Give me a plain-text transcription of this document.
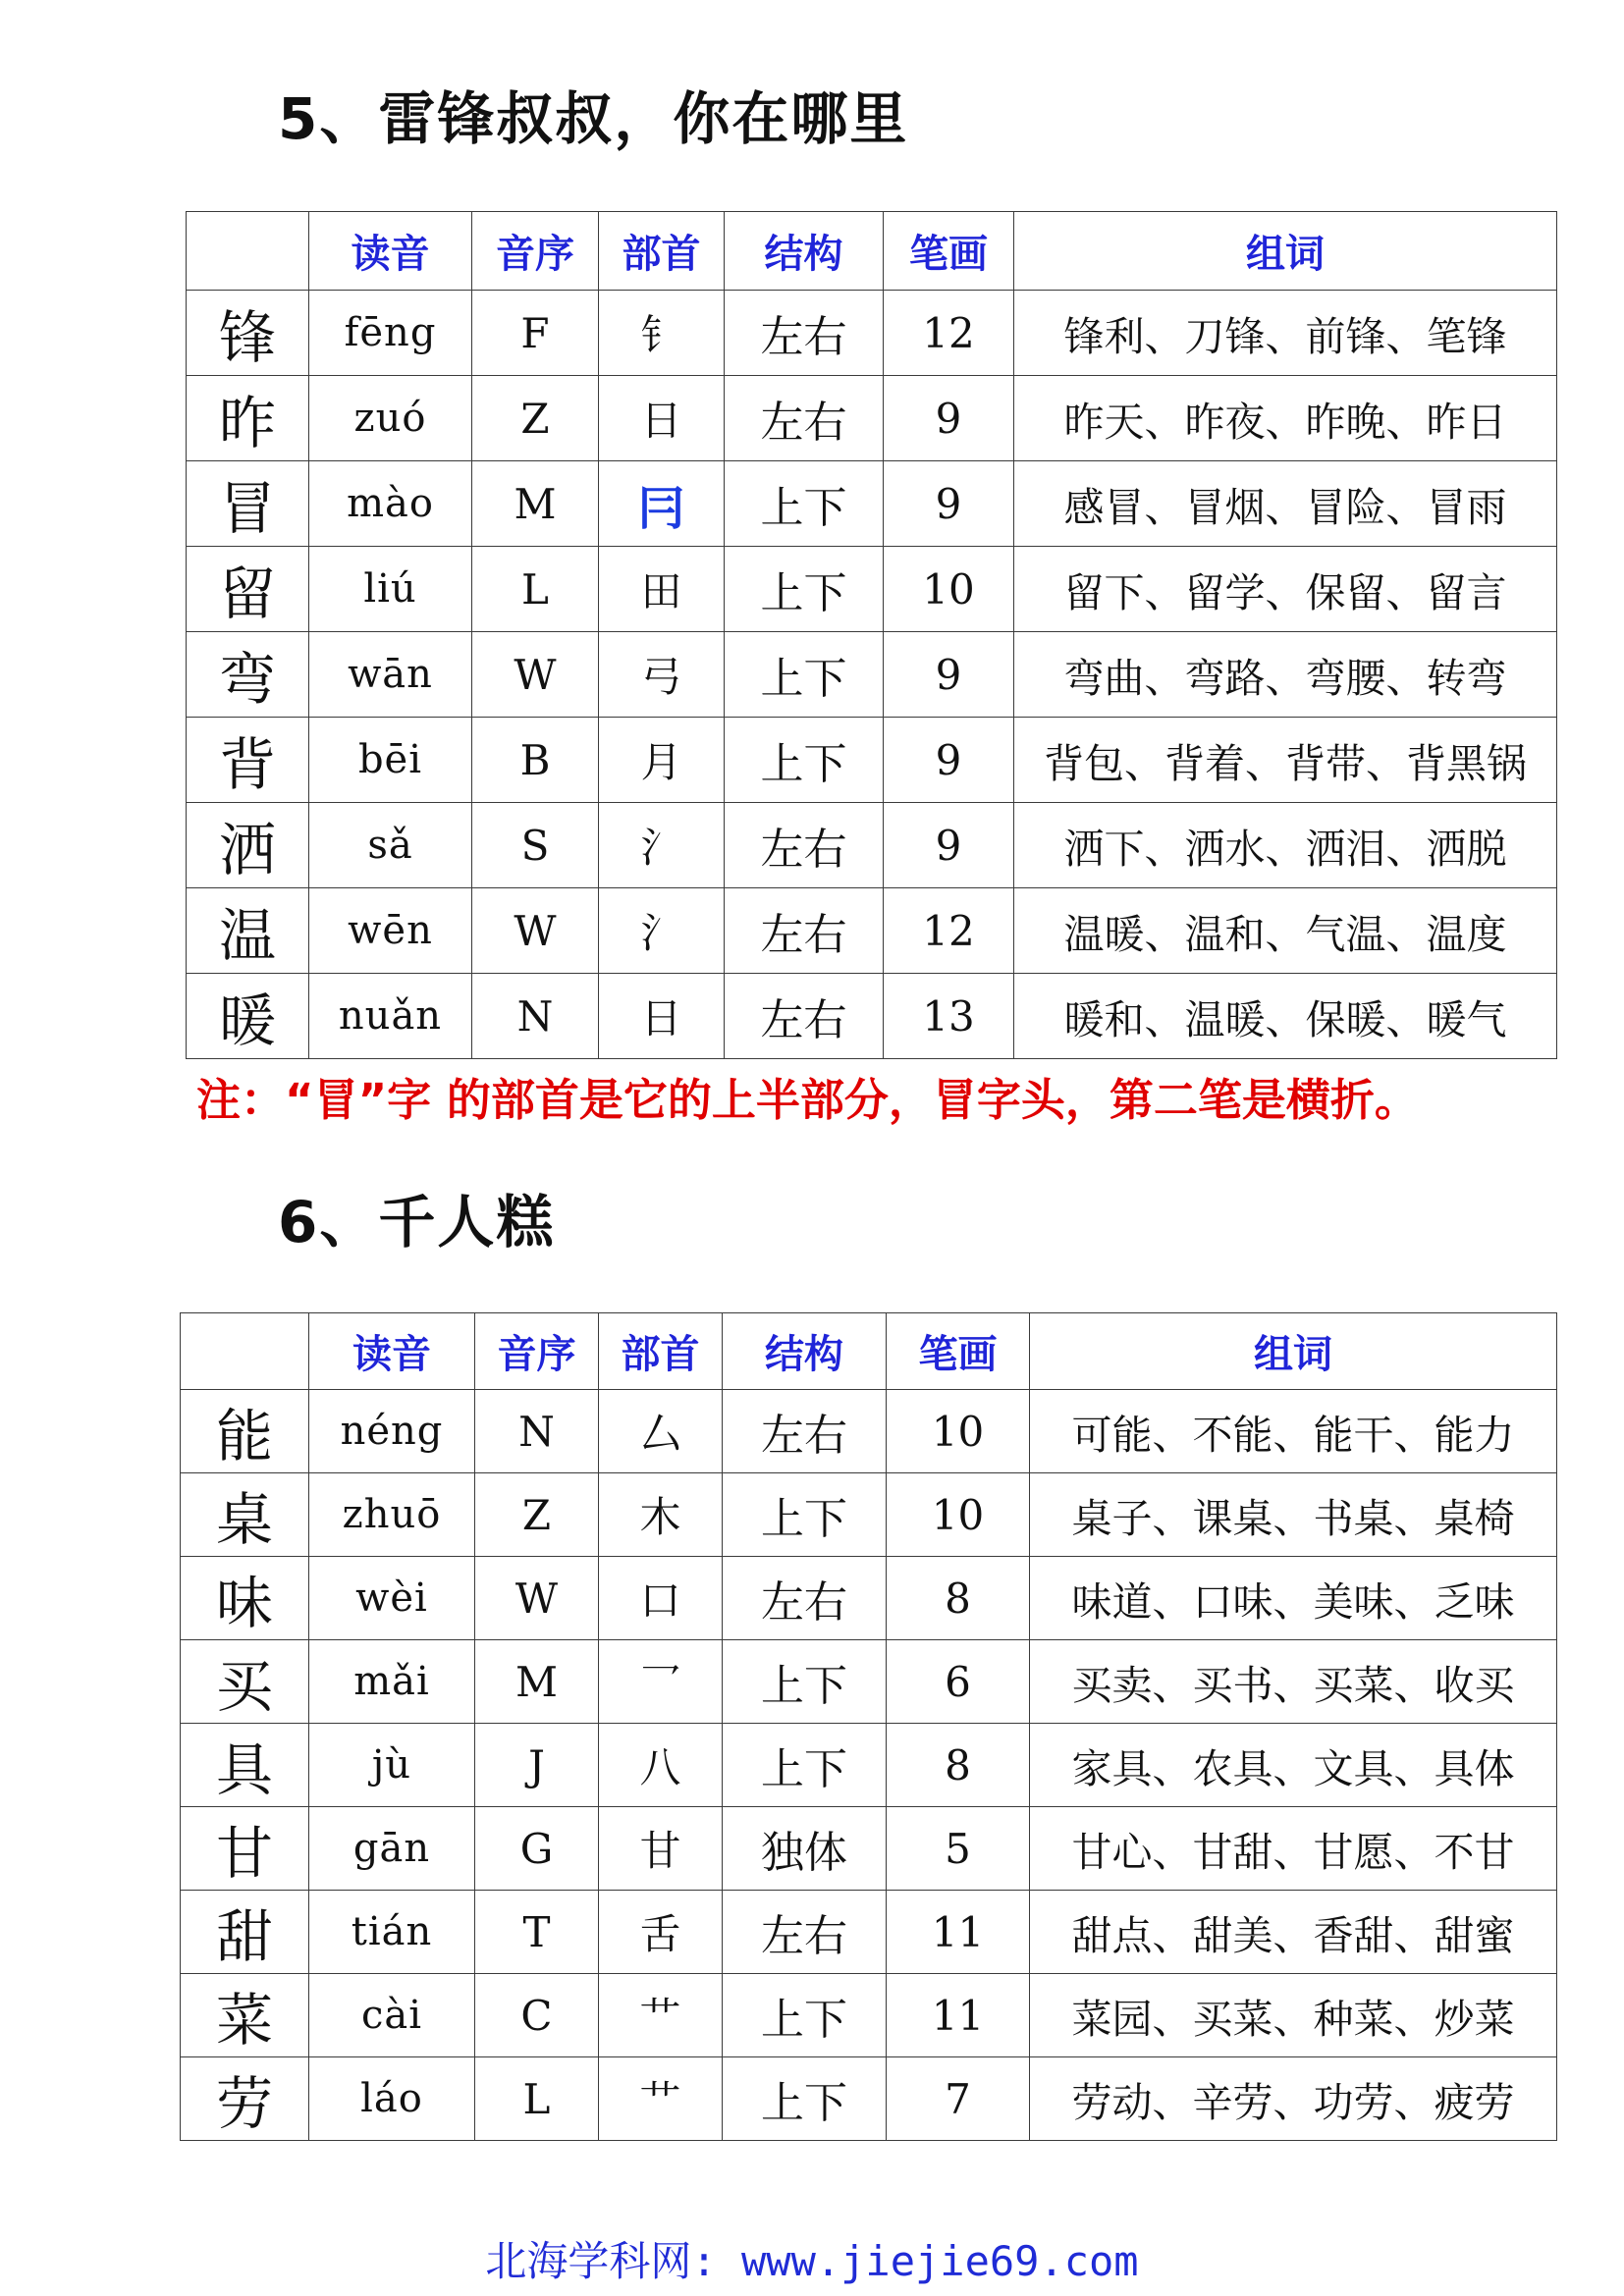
5、雷锋叔叔，你在哪里
	读音	音序	部首	结构	笔画	组词
锋	fēng	F	钅	左右	12	锋利、刀锋、前锋、笔锋
昨	zuó	Z	日	左右	9	昨天、昨夜、昨晚、昨日
冒	mào	M	冃	上下	9	感冒、冒烟、冒险、冒雨
留	liú	L	田	上下	10	留下、留学、保留、留言
弯	wān	W	弓	上下	9	弯曲、弯路、弯腰、转弯
背	bēi	B	月	上下	9	背包、背着、背带、背黑锅
洒	sǎ	S	氵	左右	9	洒下、洒水、洒泪、洒脱
温	wēn	W	氵	左右	12	温暖、温和、气温、温度
暖	nuǎn	N	日	左右	13	暖和、温暖、保暖、暖气

注：“冒”字 的部首是它的上半部分，冒字头，第二笔是横折。

6、千人糕
	读音	音序	部首	结构	笔画	组词
能	néng	N	厶	左右	10	可能、不能、能干、能力
桌	zhuō	Z	木	上下	10	桌子、课桌、书桌、桌椅
味	wèi	W	口	左右	8	味道、口味、美味、乏味
买	mǎi	M	乛	上下	6	买卖、买书、买菜、收买
具	jù	J	八	上下	8	家具、农具、文具、具体
甘	gān	G	甘	独体	5	甘心、甘甜、甘愿、不甘
甜	tián	T	舌	左右	11	甜点、甜美、香甜、甜蜜
菜	cài	C	艹	上下	11	菜园、买菜、种菜、炒菜
劳	láo	L	艹	上下	7	劳动、辛劳、功劳、疲劳
北海学科网: www.jiejie69.com
